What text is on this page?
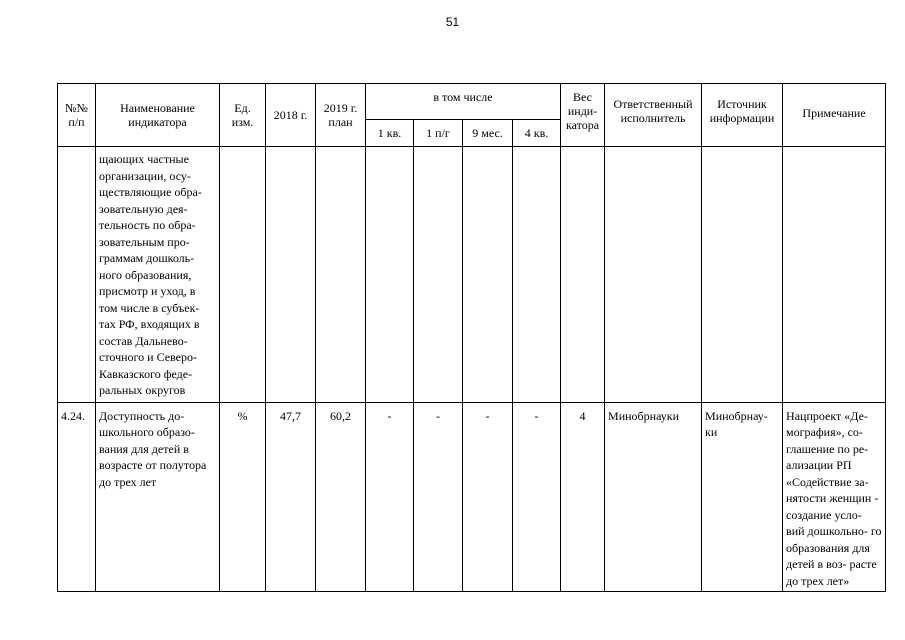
51
№№ п/п	Наименование индикатора	Ед. изм.	2018 г.	2019 г. план	в том числе				Вес инди- катора	Ответственный исполнитель	Источник информации	Примечание
					1 кв.	1 п/г	9 мес.	4 кв.				
	щающих частные организации, осу- ществляющие обра- зовательную дея- тельность по обра- зовательным про- граммам дошколь- ного образования, присмотр и уход, в том числе в субъек- тах РФ, входящих в состав Дальнево- сточного и Северо- Кавказского феде- ральных округов											
4.24.	Доступность до- школьного образо- вания для детей в возрасте от полутора до трех лет	%	47,7	60,2	-	-	-	-	4	Минобрнауки	Минобрнау- ки	Нацпроект «Де- мография», со- глашение по ре- ализации РП «Содействие за- нятости женщин - создание усло- вий дошкольно- го образования для детей в воз- расте до трех лет»
